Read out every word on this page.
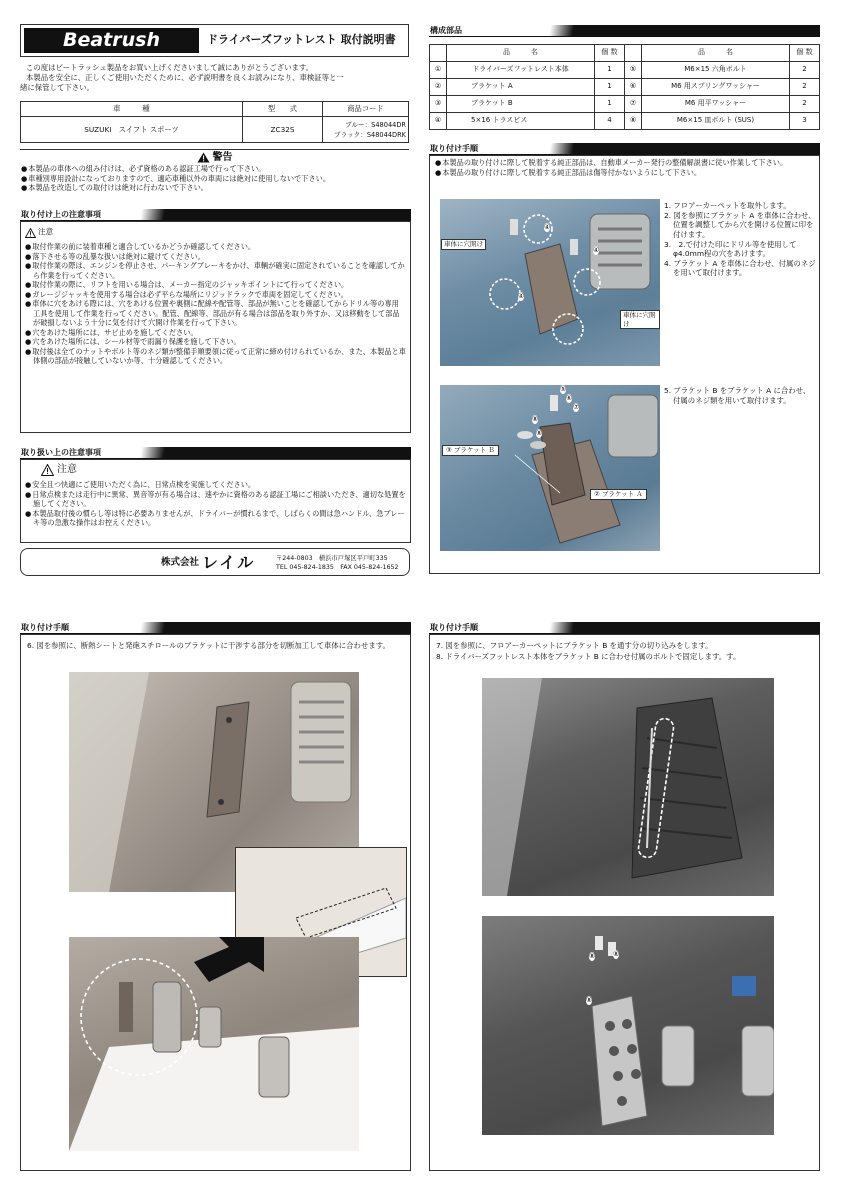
Beatrush	ドライバーズフットレスト 取付説明書
この度はビートラッシュ製品をお買い上げくださいまして誠にありがとうございます。
本製品を安全に、正しくご使用いただくために、必ず説明書を良くお読みになり、車検証等と一
緒に保管して下さい。
車　　　種	型　　式	商品コード
SUZUKI　スイフト スポーツ	ZC32S	ブルー：S48044DR
ブラック：S48044DRK
警告
● 本製品の車体への組み付けは、必ず資格のある認証工場で行って下さい。
● 車種別専用設計になっておりますので、適応車種以外の車両には絶対に使用しないで下さい。
● 本製品を改造しての取付けは絶対に行わないで下さい。
取り付け上の注意事項
注意
● 取付作業の前に装着車種と適合しているかどうか確認してください。
● 落下させる等の乱暴な扱いは絶対に避けてください。
● 取付作業の際は、エンジンを停止させ、パーキングブレーキをかけ、車輌が確実に固定されていることを確認してから作業を行ってください。
● 取付作業の際に、リフトを用いる場合は、メーカー指定のジャッキポイントにて行ってください。
● ガレージジャッキを使用する場合は必ず平らな場所にリジッドラックで車両を固定してください。
● 車体に穴をあける際には、穴をあける位置や裏側に配線や配管等、部品が無いことを確認してからドリル等の専用工具を使用して作業を行ってください。配管、配線等、部品が有る場合は部品を取り外すか、又は移動をして部品が破損しないよう十分に気を付けて穴開け作業を行って下さい。
● 穴をあけた場所には、サビ止めを施してください。
● 穴をあけた場所には、シール材等で雨漏り保護を施して下さい。
● 取付後は全てのナットやボルト等のネジ類が整備手順要領に従って正常に締め付けられているか、また、本製品と車体側の部品が接触していないか等、十分確認してください。
取り扱い上の注意事項
注意
● 安全且つ快適にご使用いただく為に、日常点検を実施してください。
● 日常点検または走行中に異常、異音等が有る場合は、速やかに資格のある認証工場にご相談いただき、適切な処置を施してください。
● 本製品取付後の慣らし等は特に必要ありませんが、ドライバーが慣れるまで、しばらくの間は急ハンドル、急ブレーキ等の急激な操作はお控えください。
株式会社 レイル	〒244-0803　横浜市戸塚区平戸町335
TEL 045-824-1835　FAX 045-824-1652
構成部品
	品　　　名	個 数		品　　　名	個 数
①	ドライバーズフットレスト本体	1	⑤	M6×15 六角ボルト	2
②	ブラケット A	1	⑥	M6 用スプリングワッシャー	2
③	ブラケット B	1	⑦	M6 用平ワッシャー	2
④	5×16 トラスビス	4	⑧	M6×15 皿ボルト (SUS)	3
取り付け手順
● 本製品の取り付けに際して脱着する純正部品は、自動車メーカー発行の整備解説書に従い作業して下さい。
● 本製品の取り付けに際して脱着する純正部品は傷等付かないようにして下さい。
④
④
④
車体に穴開け
車体に穴開け
1. フロアーカーペットを取外します。
2. 図を参照にブラケット A を車体に合わせ、位置を調整してから穴を開ける位置に印を付けます。
3.　2.で付けた印にドリル等を使用してφ4.0mm程の穴をあけます。
4. ブラケット A を車体に合わせ、付属のネジを用いて取付けます。
⑤
⑥
⑦
⑧
⑧
③ ブラケット Ｂ
② ブラケット Ａ
5. ブラケット B をブラケット A に合わせ、付属のネジ類を用いて取付けます。
取り付け手順
6. 図を参照に、断熱シートと発砲スチロールのブラケットに干渉する部分を切断加工して車体に合わせます。
取り付け手順
7. 図を参照に、フロアーカーペットにブラケット B を通す分の切り込みをします。
8. ドライバーズフットレスト本体をブラケット B に合わせ付属のボルトで固定します。す。
⑧	⑧
⑧
